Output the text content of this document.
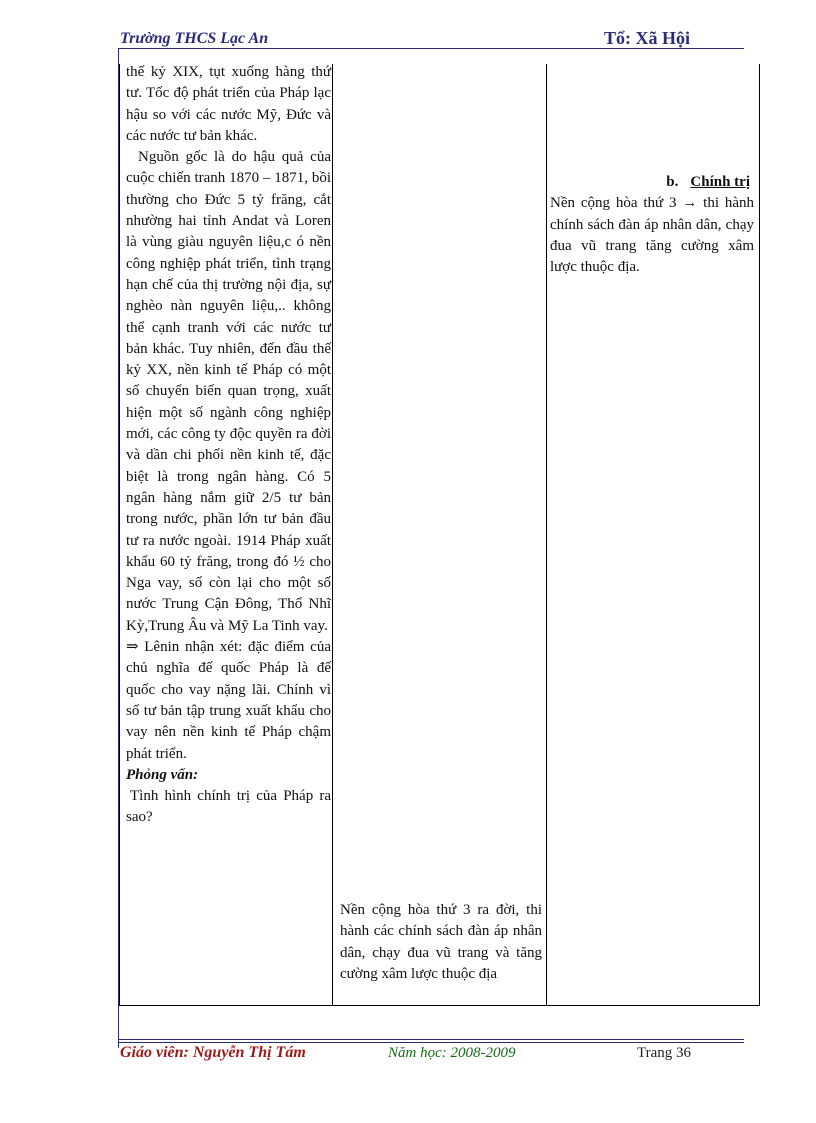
Trường THCS Lạc An	Tổ: Xã Hội

thế kỷ XIX, tụt xuống hàng thứ tư. Tốc độ phát triển của Pháp lạc hậu so với các nước Mỹ, Đức và các nước tư bản khác.

Nguồn gốc là do hậu quả của cuộc chiến tranh 1870 – 1871, bồi thường cho Đức 5 tỷ frăng, cắt nhường hai tỉnh Andat và Loren là vùng giàu nguyên liệu,c ó nền công nghiệp phát triển, tình trạng hạn chế của thị trường nội địa, sự nghèo nàn nguyên liệu,.. không thể cạnh tranh với các nước tư bản khác. Tuy nhiên, đến đầu thế kỷ XX, nền kinh tế Pháp có một số chuyển biến quan trọng, xuất hiện một số ngành công nghiệp mới, các công ty độc quyền ra đời và dần chi phối nền kinh tế, đặc biệt là trong ngân hàng. Có 5 ngân hàng nắm giữ 2/5 tư bản trong nước, phần lớn tư bản đầu tư ra nước ngoài. 1914 Pháp xuất khẩu 60 tỷ frăng, trong đó ½ cho Nga vay, số còn lại cho một số nước Trung Cận Đông, Thổ Nhĩ Kỳ,Trung Âu và Mỹ La Tinh vay.

⇒ Lênin nhận xét: đặc điểm của chủ nghĩa đế quốc Pháp là đế quốc cho vay nặng lãi. Chính vì số tư bản tập trung xuất khẩu cho vay nên nền kinh tế Pháp chậm phát triển.

Phỏng vấn:

Tình hình chính trị của Pháp ra sao?

Nền cộng hòa thứ 3 ra đời, thi hành các chính sách đàn áp nhân dân, chạy đua vũ trang và tăng cường xâm lược thuộc địa

b. Chính trị

Nền cộng hòa thứ 3 → thi hành chính sách đàn áp nhân dân, chạy đua vũ trang tăng cường xâm lược thuộc địa.

Giáo viên: Nguyễn Thị Tám	Năm học: 2008-2009	Trang 36
